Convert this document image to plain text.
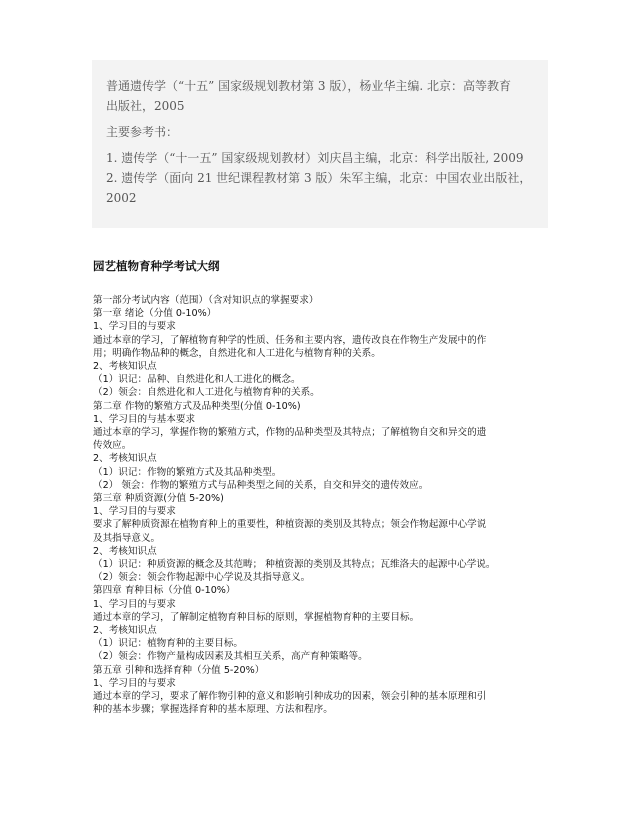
普通遗传学（“十五” 国家级规划教材第 3 版），杨业华主编. 北京：高等教育
出版社，2005
主要参考书：
1. 遗传学（“十一五” 国家级规划教材）刘庆昌主编，北京：科学出版社, 2009
2. 遗传学（面向 21 世纪课程教材第 3 版）朱军主编，北京：中国农业出版社，
2002
园艺植物育种学考试大纲
第一部分考试内容（范围）（含对知识点的掌握要求）
第一章 绪论（分值 0-10%）
1、学习目的与要求
通过本章的学习，了解植物育种学的性质、任务和主要内容，遗传改良在作物生产发展中的作
用；明确作物品种的概念，自然进化和人工进化与植物育种的关系。
2、考核知识点
（1）识记：品种、自然进化和人工进化的概念。
（2）领会：自然进化和人工进化与植物育种的关系。
第二章 作物的繁殖方式及品种类型(分值 0-10%)
1、学习目的与基本要求
通过本章的学习，掌握作物的繁殖方式，作物的品种类型及其特点；了解植物自交和异交的遗
传效应。
2、考核知识点
（1）识记：作物的繁殖方式及其品种类型。
（2） 领会：作物的繁殖方式与品种类型之间的关系，自交和异交的遗传效应。
第三章 种质资源(分值 5-20%)
1、学习目的与要求
要求了解种质资源在植物育种上的重要性，种植资源的类别及其特点；领会作物起源中心学说
及其指导意义。
2、考核知识点
（1）识记：种质资源的概念及其范畴； 种植资源的类别及其特点；瓦维洛夫的起源中心学说。
（2）领会：领会作物起源中心学说及其指导意义。
第四章 育种目标（分值 0-10%）
1、学习目的与要求
通过本章的学习，了解制定植物育种目标的原则，掌握植物育种的主要目标。
2、考核知识点
（1）识记：植物育种的主要目标。
（2）领会：作物产量构成因素及其相互关系，高产育种策略等。
第五章 引种和选择育种（分值 5-20%）
1、学习目的与要求
通过本章的学习，要求了解作物引种的意义和影响引种成功的因素，领会引种的基本原理和引
种的基本步骤；掌握选择育种的基本原理、方法和程序。
